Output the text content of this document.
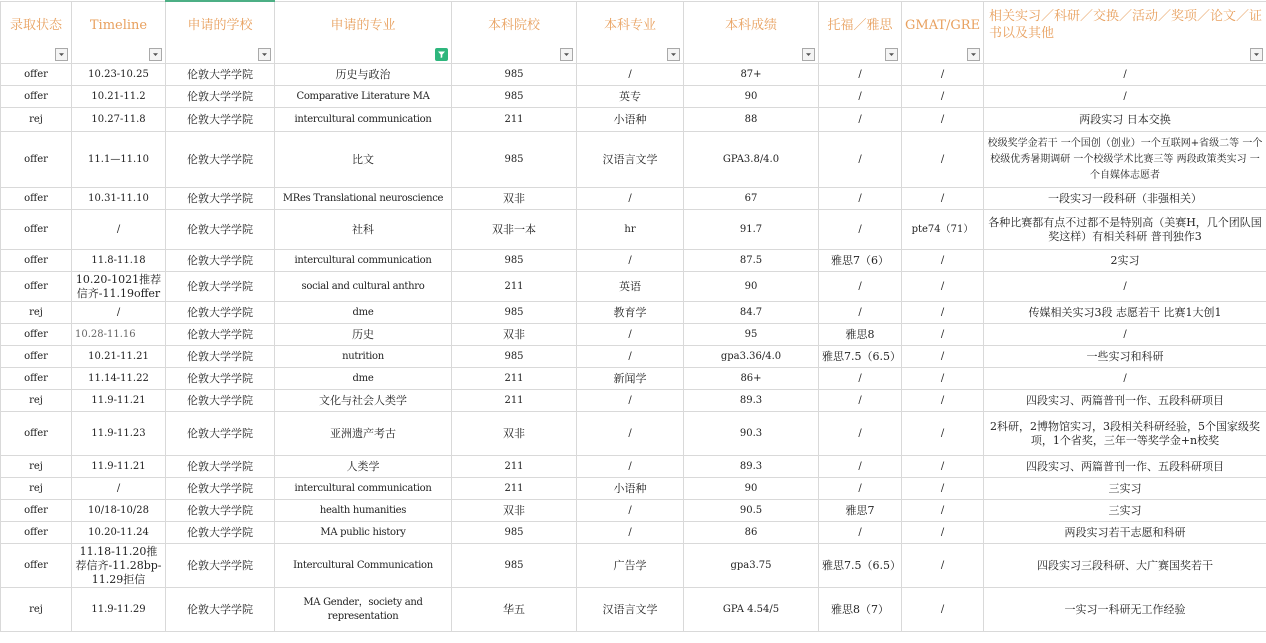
录取状态	Timeline	申请的学校	申请的专业	本科院校	本科专业	本科成绩	托福／雅思	GMAT/GRE	相关实习／科研／交换／活动／奖项／论文／证书以及其他

offer	10.23-10.25	伦敦大学学院	历史与政治	985	/	87+	/	/	/
offer	10.21-11.2	伦敦大学学院	Comparative Literature MA	985	英专	90	/	/	/
rej	10.27-11.8	伦敦大学学院	intercultural communication	211	小语种	88	/	/	两段实习 日本交换
offer	11.1—11.10	伦敦大学学院	比文	985	汉语言文学	GPA3.8/4.0	/	/	校级奖学金若干 一个国创（创业）一个互联网+省级二等 一个校级优秀暑期调研 一个校级学术比赛三等 两段政策类实习 一个自媒体志愿者
offer	10.31-11.10	伦敦大学学院	MRes Translational neuroscience	双非	/	67	/	/	一段实习一段科研（非强相关）
offer	/	伦敦大学学院	社科	双非一本	hr	91.7	/	pte74（71）	各种比赛都有点不过都不是特别高（美赛H，几个团队国奖这样）有相关科研 普刊独作3
offer	11.8-11.18	伦敦大学学院	intercultural communication	985	/	87.5	雅思7（6）	/	2实习
offer	10.20-1021推荐信齐-11.19offer	伦敦大学学院	social and cultural anthro	211	英语	90	/	/	/
rej	/	伦敦大学学院	dme	985	教育学	84.7	/	/	传媒相关实习3段 志愿若干 比赛1大创1
offer	10.28-11.16	伦敦大学学院	历史	双非	/	95	雅思8	/	/
offer	10.21-11.21	伦敦大学学院	nutrition	985	/	gpa3.36/4.0	雅思7.5（6.5）	/	一些实习和科研
offer	11.14-11.22	伦敦大学学院	dme	211	新闻学	86+	/	/	/
rej	11.9-11.21	伦敦大学学院	文化与社会人类学	211	/	89.3	/	/	四段实习、两篇普刊一作、五段科研项目
offer	11.9-11.23	伦敦大学学院	亚洲遗产考古	双非	/	90.3	/	/	2科研，2博物馆实习，3段相关科研经验，5个国家级奖项，1个省奖，三年一等奖学金+n校奖
rej	11.9-11.21	伦敦大学学院	人类学	211	/	89.3	/	/	四段实习、两篇普刊一作、五段科研项目
rej	/	伦敦大学学院	intercultural communication	211	小语种	90	/	/	三实习
offer	10/18-10/28	伦敦大学学院	health humanities	双非	/	90.5	雅思7	/	三实习
offer	10.20-11.24	伦敦大学学院	MA public history	985	/	86	/	/	两段实习若干志愿和科研
offer	11.18-11.20推荐信齐-11.28bp-11.29拒信	伦敦大学学院	Intercultural Communication	985	广告学	gpa3.75	雅思7.5（6.5）	/	四段实习三段科研、大广赛国奖若干
rej	11.9-11.29	伦敦大学学院	MA Gender，society and representation	华五	汉语言文学	GPA 4.54/5	雅思8（7）	/	一实习一科研无工作经验
